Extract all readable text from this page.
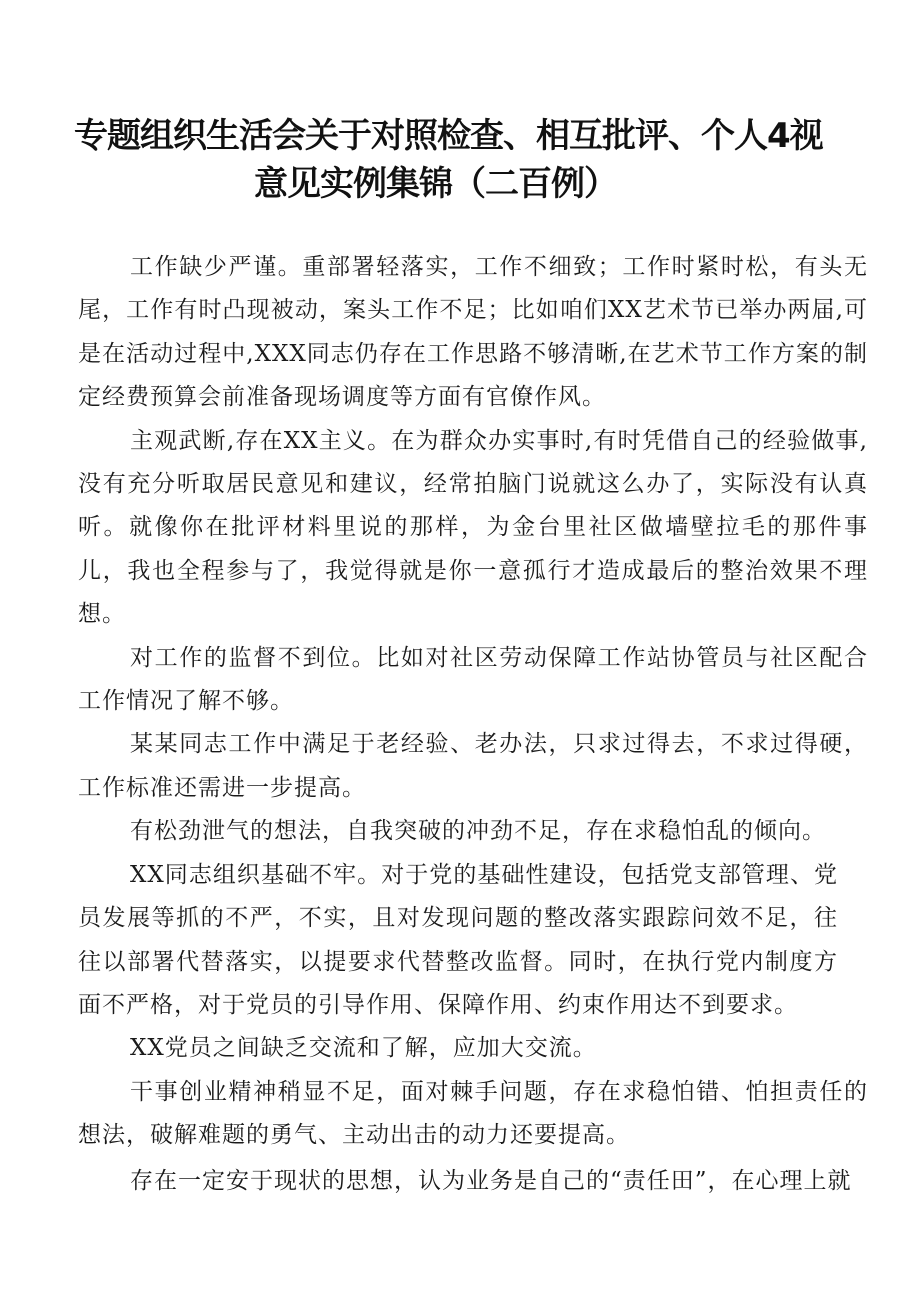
专题组织生活会关于对照检查、相互批评、个人4视
意见实例集锦（二百例）

工作缺少严谨。重部署轻落实，工作不细致；工作时紧时松，有头无尾，工作有时凸现被动，案头工作不足；比如咱们XX艺术节已举办两届,可是在活动过程中,XXX同志仍存在工作思路不够清晰,在艺术节工作方案的制定经费预算会前准备现场调度等方面有官僚作风。

主观武断,存在XX主义。在为群众办实事时,有时凭借自己的经验做事,没有充分听取居民意见和建议，经常拍脑门说就这么办了，实际没有认真听。就像你在批评材料里说的那样，为金台里社区做墙壁拉毛的那件事儿，我也全程参与了，我觉得就是你一意孤行才造成最后的整治效果不理想。

对工作的监督不到位。比如对社区劳动保障工作站协管员与社区配合工作情况了解不够。

某某同志工作中满足于老经验、老办法，只求过得去，不求过得硬，工作标准还需进一步提高。

有松劲泄气的想法，自我突破的冲劲不足，存在求稳怕乱的倾向。

XX同志组织基础不牢。对于党的基础性建设，包括党支部管理、党员发展等抓的不严，不实，且对发现问题的整改落实跟踪问效不足，往往以部署代替落实，以提要求代替整改监督。同时，在执行党内制度方面不严格，对于党员的引导作用、保障作用、约束作用达不到要求。

XX党员之间缺乏交流和了解，应加大交流。

干事创业精神稍显不足，面对棘手问题，存在求稳怕错、怕担责任的想法，破解难题的勇气、主动出击的动力还要提高。

存在一定安于现状的思想，认为业务是自己的“责任田”，在心理上就
